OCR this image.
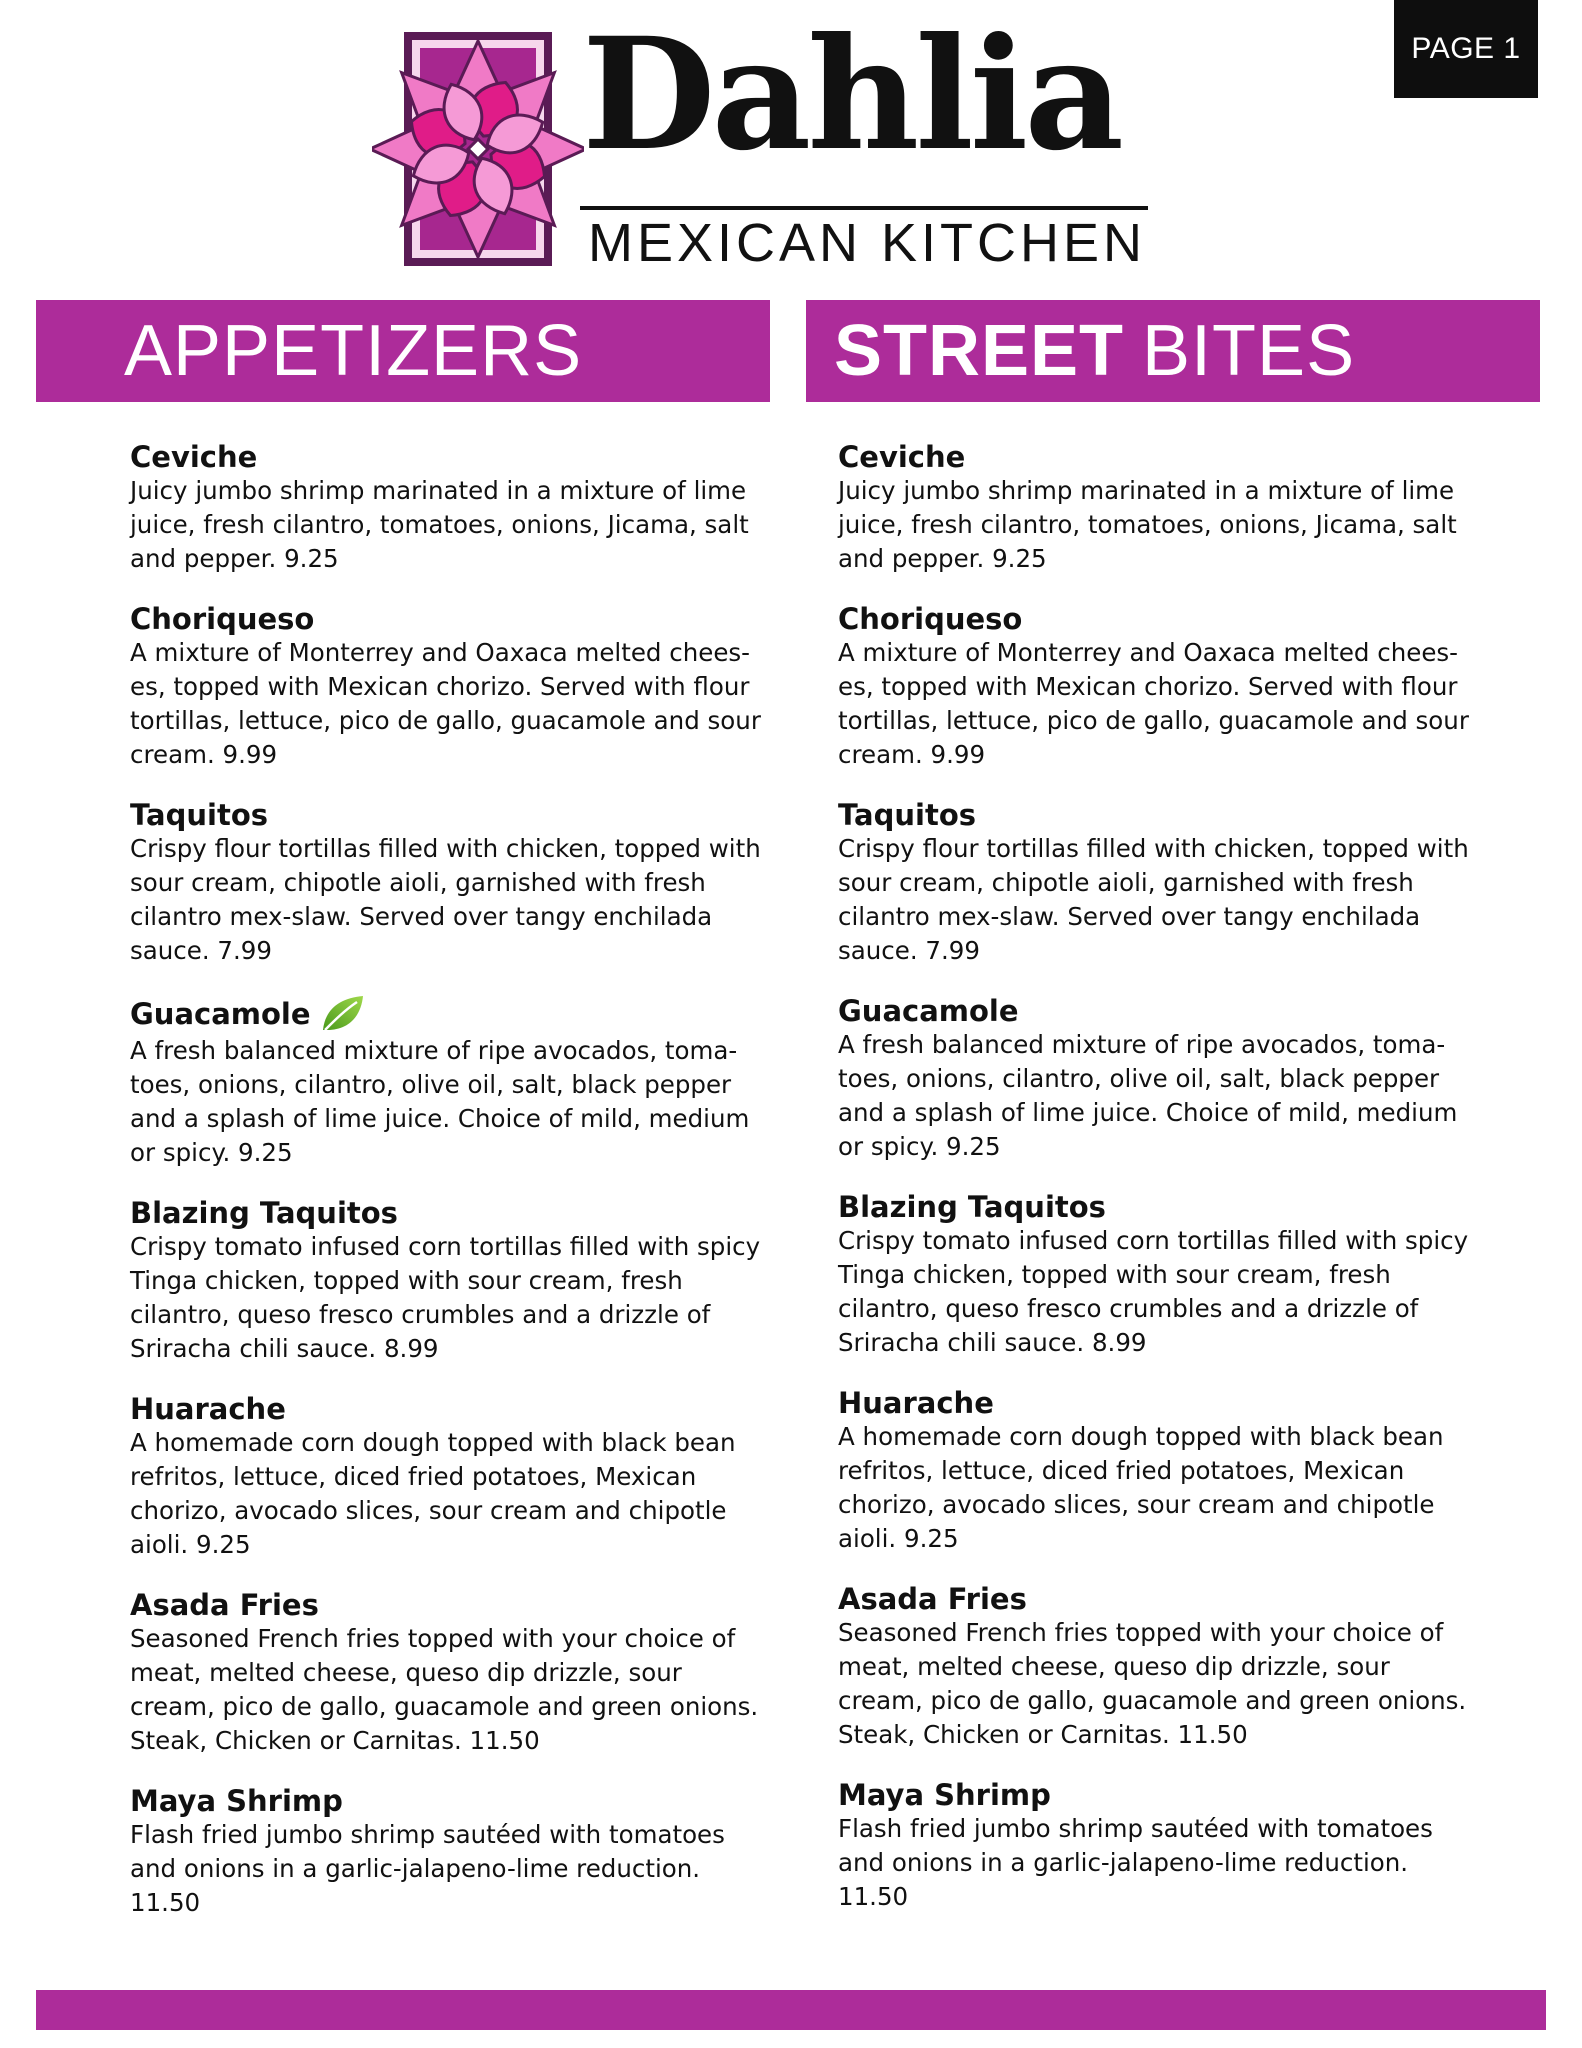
PAGE 1
Dahlia
MEXICAN KITCHEN
APPETIZERS	STREET BITES
Ceviche

Juicy jumbo shrimp marinated in a mixture of lime juice, fresh cilantro, tomatoes, onions, Jicama, salt and pepper. 9.25

Choriqueso

A mixture of Monterrey and Oaxaca melted chees-es, topped with Mexican chorizo. Served with flour tortillas, lettuce, pico de gallo, guacamole and sour cream. 9.99

Taquitos

Crispy flour tortillas filled with chicken, topped with sour cream, chipotle aioli, garnished with fresh cilantro mex-slaw. Served over tangy enchilada sauce. 7.99

Guacamole

A fresh balanced mixture of ripe avocados, toma-toes, onions, cilantro, olive oil, salt, black pepper and a splash of lime juice. Choice of mild, medium or spicy. 9.25

Blazing Taquitos

Crispy tomato infused corn tortillas filled with spicy Tinga chicken, topped with sour cream, fresh cilantro, queso fresco crumbles and a drizzle of Sriracha chili sauce. 8.99

Huarache

A homemade corn dough topped with black bean refritos, lettuce, diced fried potatoes, Mexican chorizo, avocado slices, sour cream and chipotle aioli. 9.25

Asada Fries

Seasoned French fries topped with your choice of meat, melted cheese, queso dip drizzle, sour cream, pico de gallo, guacamole and green onions. Steak, Chicken or Carnitas. 11.50

Maya Shrimp

Flash fried jumbo shrimp sautéed with tomatoes and onions in a garlic-jalapeno-lime reduction. 11.50

Ceviche

Juicy jumbo shrimp marinated in a mixture of lime juice, fresh cilantro, tomatoes, onions, Jicama, salt and pepper. 9.25

Choriqueso

A mixture of Monterrey and Oaxaca melted chees-es, topped with Mexican chorizo. Served with flour tortillas, lettuce, pico de gallo, guacamole and sour cream. 9.99

Taquitos

Crispy flour tortillas filled with chicken, topped with sour cream, chipotle aioli, garnished with fresh cilantro mex-slaw. Served over tangy enchilada sauce. 7.99

Guacamole

A fresh balanced mixture of ripe avocados, toma-toes, onions, cilantro, olive oil, salt, black pepper and a splash of lime juice. Choice of mild, medium or spicy. 9.25

Blazing Taquitos

Crispy tomato infused corn tortillas filled with spicy Tinga chicken, topped with sour cream, fresh cilantro, queso fresco crumbles and a drizzle of Sriracha chili sauce. 8.99

Huarache

A homemade corn dough topped with black bean refritos, lettuce, diced fried potatoes, Mexican chorizo, avocado slices, sour cream and chipotle aioli. 9.25

Asada Fries

Seasoned French fries topped with your choice of meat, melted cheese, queso dip drizzle, sour cream, pico de gallo, guacamole and green onions. Steak, Chicken or Carnitas. 11.50

Maya Shrimp

Flash fried jumbo shrimp sautéed with tomatoes and onions in a garlic-jalapeno-lime reduction. 11.50
